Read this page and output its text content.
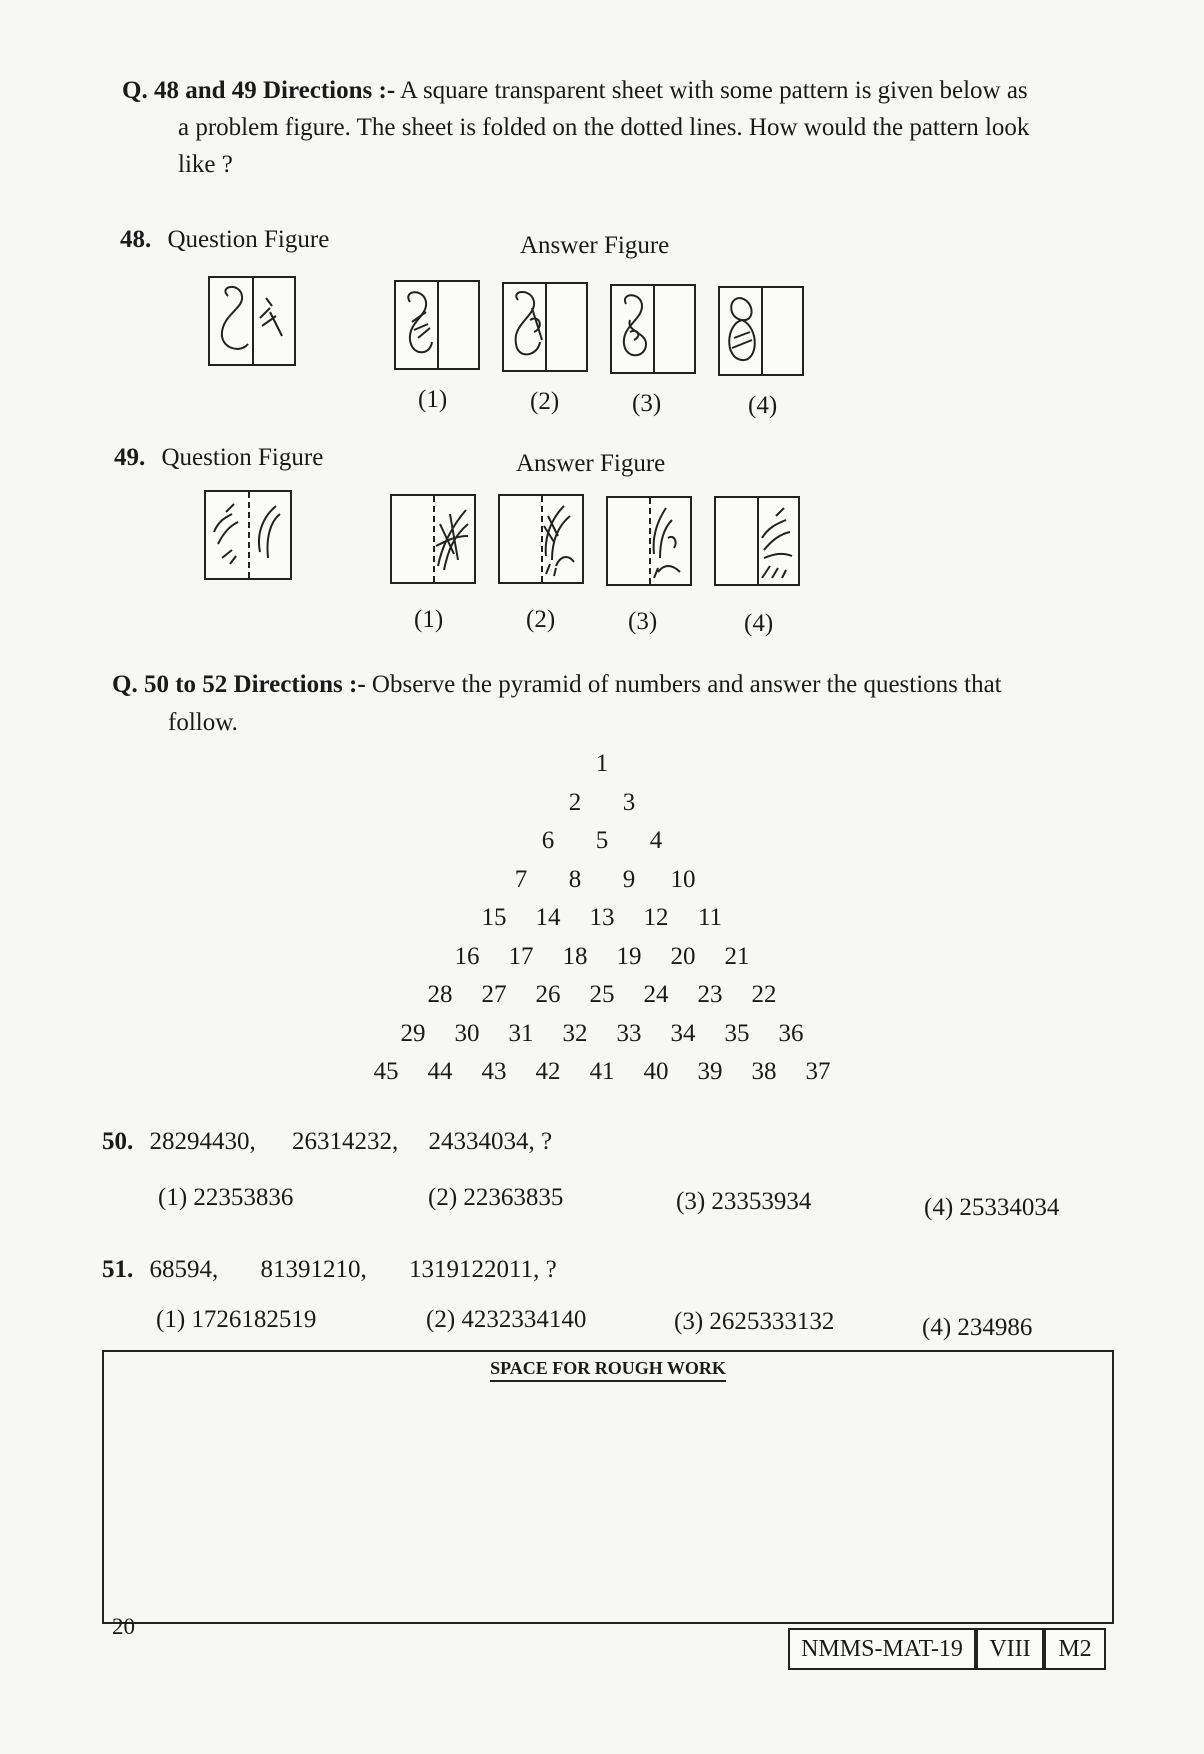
Q. 48 and 49 Directions :- A square transparent sheet with some pattern is given below as
a problem figure. The sheet is folded on the dotted lines. How would the pattern look
like ?
48. Question Figure	Answer Figure
(1)	(2)	(3)	(4)
49. Question Figure	Answer Figure
(1)	(2)	(3)	(4)
Q. 50 to 52 Directions :- Observe the pyramid of numbers and answer the questions that
follow.
1
2 3
6 5 4
7 8 9 10
15 14 13 12 11
16 17 18 19 20 21
28 27 26 25 24 23 22
29 30 31 32 33 34 35 36
45 44 43 42 41 40 39 38 37
50. 28294430, 26314232, 24334034, ?
(1) 22353836	(2) 22363835	(3) 23353934	(4) 25334034
51. 68594, 81391210, 1319122011, ?
(1) 1726182519	(2) 4232334140	(3) 2625333132	(4) 234986
SPACE FOR ROUGH WORK
20
NMMS-MAT-19	VIII	M2
